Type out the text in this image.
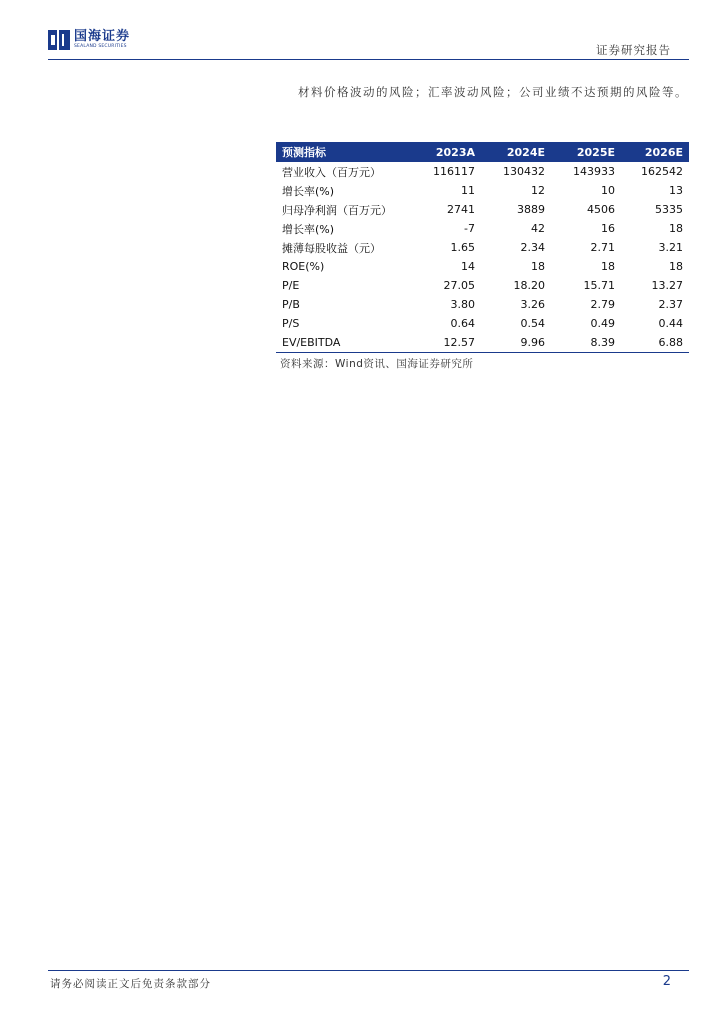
国海证券
SEALAND SECURITIES	证券研究报告
材料价格波动的风险；汇率波动风险；公司业绩不达预期的风险等。
预测指标	2023A	2024E	2025E	2026E
营业收入（百万元）	116117	130432	143933	162542
增长率(%)	11	12	10	13
归母净利润（百万元）	2741	3889	4506	5335
增长率(%)	-7	42	16	18
摊薄每股收益（元）	1.65	2.34	2.71	3.21
ROE(%)	14	18	18	18
P/E	27.05	18.20	15.71	13.27
P/B	3.80	3.26	2.79	2.37
P/S	0.64	0.54	0.49	0.44
EV/EBITDA	12.57	9.96	8.39	6.88
资料来源：Wind资讯、国海证券研究所
请务必阅读正文后免责条款部分	2
